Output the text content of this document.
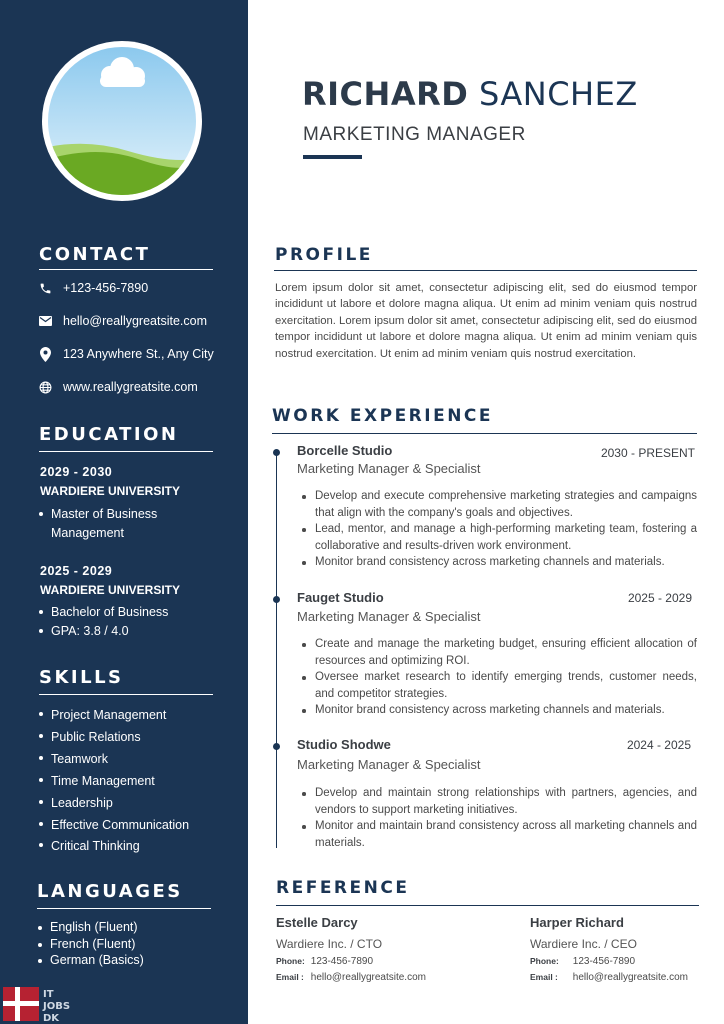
CONTACT
+123-456-7890
hello@reallygreatsite.com
123 Anywhere St., Any City
www.reallygreatsite.com
EDUCATION
2029 - 2030
WARDIERE UNIVERSITY
Master of Business
Management
2025 - 2029
WARDIERE UNIVERSITY
Bachelor of Business
GPA: 3.8 / 4.0
SKILLS
Project Management
Public Relations
Teamwork
Time Management
Leadership
Effective Communication
Critical Thinking
LANGUAGES
English (Fluent)
French (Fluent)
German (Basics)
IT
JOBS
DK
RICHARD SANCHEZ
MARKETING MANAGER
PROFILE
Lorem ipsum dolor sit amet, consectetur adipiscing elit, sed do eiusmod tempor incididunt ut labore et dolore magna aliqua. Ut enim ad minim veniam quis nostrud exercitation. Lorem ipsum dolor sit amet, consectetur adipiscing elit, sed do eiusmod tempor incididunt ut labore et dolore magna aliqua. Ut enim ad minim veniam quis nostrud exercitation. Ut enim ad minim veniam quis nostrud exercitation.
WORK EXPERIENCE
Borcelle Studio	2030 - PRESENT
Marketing Manager & Specialist
Develop and execute comprehensive marketing strategies and campaigns that align with the company's goals and objectives.
Lead, mentor, and manage a high-performing marketing team, fostering a collaborative and results-driven work environment.
Monitor brand consistency across marketing channels and materials.
Fauget Studio	2025 - 2029
Marketing Manager & Specialist
Create and manage the marketing budget, ensuring efficient allocation of resources and optimizing ROI.
Oversee market research to identify emerging trends, customer needs, and competitor strategies.
Monitor brand consistency across marketing channels and materials.
Studio Shodwe	2024 - 2025
Marketing Manager & Specialist
Develop and maintain strong relationships with partners, agencies, and vendors to support marketing initiatives.
Monitor and maintain brand consistency across all marketing channels and materials.
REFERENCE
Estelle Darcy
Wardiere Inc. / CTO
Phone: 123-456-7890
Email : hello@reallygreatsite.com
Harper Richard
Wardiere Inc. / CEO
Phone: 123-456-7890
Email : hello@reallygreatsite.com
